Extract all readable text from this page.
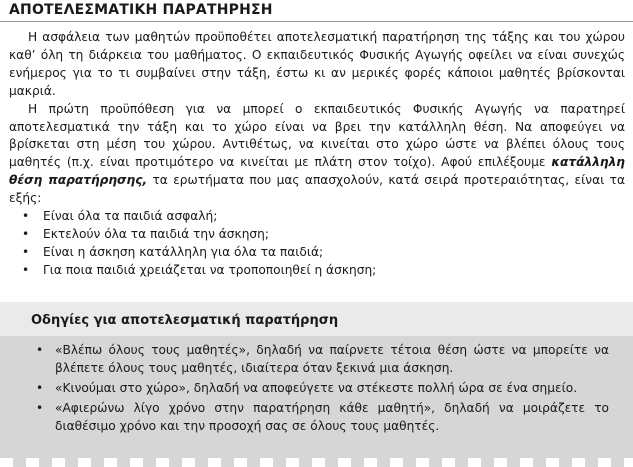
ΑΠΟΤΕΛΕΣΜΑΤΙΚΗ ΠΑΡΑΤΗΡΗΣΗ

Η ασφάλεια των μαθητών προϋποθέτει αποτελεσματική παρατήρηση της τάξης και του χώρου καθ’ όλη τη διάρκεια του μαθήματος. Ο εκπαιδευτικός Φυσικής Αγωγής οφείλει να είναι συνεχώς ενήμερος για το τι συμβαίνει στην τάξη, έστω κι αν μερικές φορές κάποιοι μαθητές βρίσκονται μακριά.

Η πρώτη προϋπόθεση για να μπορεί ο εκπαιδευτικός Φυσικής Αγωγής να παρατηρεί αποτελεσματικά την τάξη και το χώρο είναι να βρει την κατάλληλη θέση. Να αποφεύγει να βρίσκεται στη μέση του χώρου. Αντιθέτως, να κινείται στο χώρο ώστε να βλέπει όλους τους μαθητές (π.χ. είναι προτιμότερο να κινείται με πλάτη στον τοίχο). Αφού επιλέξουμε κατάλληλη θέση παρατήρησης, τα ερωτήματα που μας απασχολούν, κατά σειρά προτεραιότητας, είναι τα εξής:

• Είναι όλα τα παιδιά ασφαλή;
• Εκτελούν όλα τα παιδιά την άσκηση;
• Είναι η άσκηση κατάλληλη για όλα τα παιδιά;
• Για ποια παιδιά χρειάζεται να τροποποιηθεί η άσκηση;
Οδηγίες για αποτελεσματική παρατήρηση
• «Βλέπω όλους τους μαθητές», δηλαδή να παίρνετε τέτοια θέση ώστε να μπορείτε να βλέπετε όλους τους μαθητές, ιδιαίτερα όταν ξεκινά μια άσκηση.
• «Κινούμαι στο χώρο», δηλαδή να αποφεύγετε να στέκεστε πολλή ώρα σε ένα σημείο.
• «Αφιερώνω λίγο χρόνο στην παρατήρηση κάθε μαθητή», δηλαδή να μοιράζετε το διαθέσιμο χρόνο και την προσοχή σας σε όλους τους μαθητές.
